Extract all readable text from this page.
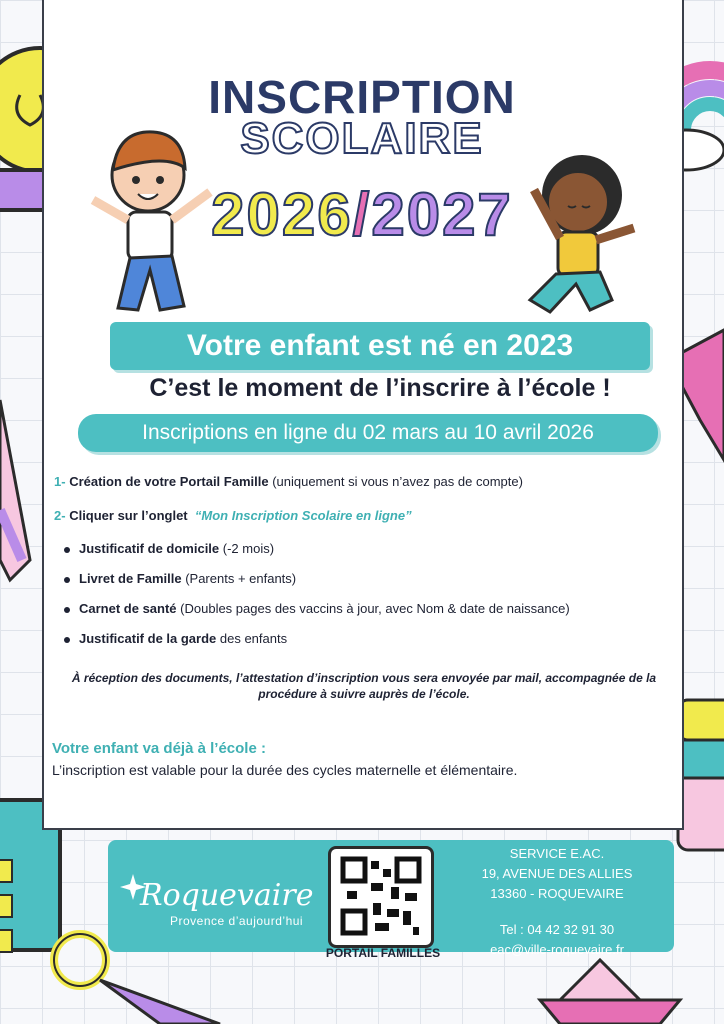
INSCRIPTION
SCOLAIRE
2026/2027
Votre enfant est né en 2023
C’est le moment de l’inscrire à l’école !
Inscriptions en ligne du 02 mars au 10 avril 2026
1- Création de votre Portail Famille (uniquement si vous n’avez pas de compte)
2- Cliquer sur l’onglet “Mon Inscription Scolaire en ligne”
Justificatif de domicile (-2 mois)
Livret de Famille (Parents + enfants)
Carnet de santé (Doubles pages des vaccins à jour, avec Nom & date de naissance)
Justificatif de la garde des enfants
À réception des documents, l’attestation d’inscription vous sera envoyée par mail, accompagnée de la procédure à suivre auprès de l’école.
Votre enfant va déjà à l’école :
L’inscription est valable pour la durée des cycles maternelle et élémentaire.
Roquevaire
Provence d’aujourd’hui
PORTAIL FAMILLES
SERVICE E.AC.
19, AVENUE DES ALLIES
13360 - ROQUEVAIRE
Tel : 04 42 32 91 30
eac@ville-roquevaire.fr
